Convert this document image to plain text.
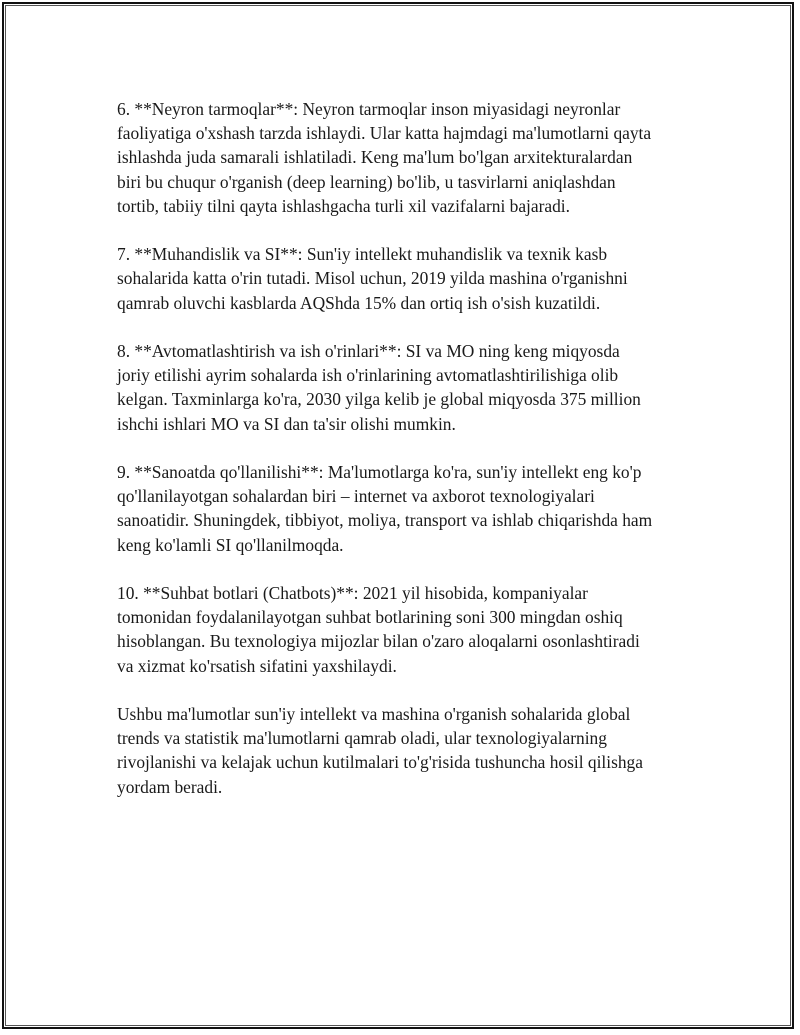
6. **Neyron tarmoqlar**: Neyron tarmoqlar inson miyasidagi neyronlar
faoliyatiga o'xshash tarzda ishlaydi. Ular katta hajmdagi ma'lumotlarni qayta
ishlashda juda samarali ishlatiladi. Keng ma'lum bo'lgan arxitekturalardan
biri bu chuqur o'rganish (deep learning) bo'lib, u tasvirlarni aniqlashdan
tortib, tabiiy tilni qayta ishlashgacha turli xil vazifalarni bajaradi.

7. **Muhandislik va SI**: Sun'iy intellekt muhandislik va texnik kasb
sohalarida katta o'rin tutadi. Misol uchun, 2019 yilda mashina o'rganishni
qamrab oluvchi kasblarda AQShda 15% dan ortiq ish o'sish kuzatildi.

8. **Avtomatlashtirish va ish o'rinlari**: SI va MO ning keng miqyosda
joriy etilishi ayrim sohalarda ish o'rinlarining avtomatlashtirilishiga olib
kelgan. Taxminlarga ko'ra, 2030 yilga kelib je global miqyosda 375 million
ishchi ishlari MO va SI dan ta'sir olishi mumkin.

9. **Sanoatda qo'llanilishi**: Ma'lumotlarga ko'ra, sun'iy intellekt eng ko'p
qo'llanilayotgan sohalardan biri – internet va axborot texnologiyalari
sanoatidir. Shuningdek, tibbiyot, moliya, transport va ishlab chiqarishda ham
keng ko'lamli SI qo'llanilmoqda.

10. **Suhbat botlari (Chatbots)**: 2021 yil hisobida, kompaniyalar
tomonidan foydalanilayotgan suhbat botlarining soni 300 mingdan oshiq
hisoblangan. Bu texnologiya mijozlar bilan o'zaro aloqalarni osonlashtiradi
va xizmat ko'rsatish sifatini yaxshilaydi.

Ushbu ma'lumotlar sun'iy intellekt va mashina o'rganish sohalarida global
trends va statistik ma'lumotlarni qamrab oladi, ular texnologiyalarning
rivojlanishi va kelajak uchun kutilmalari to'g'risida tushuncha hosil qilishga
yordam beradi.
